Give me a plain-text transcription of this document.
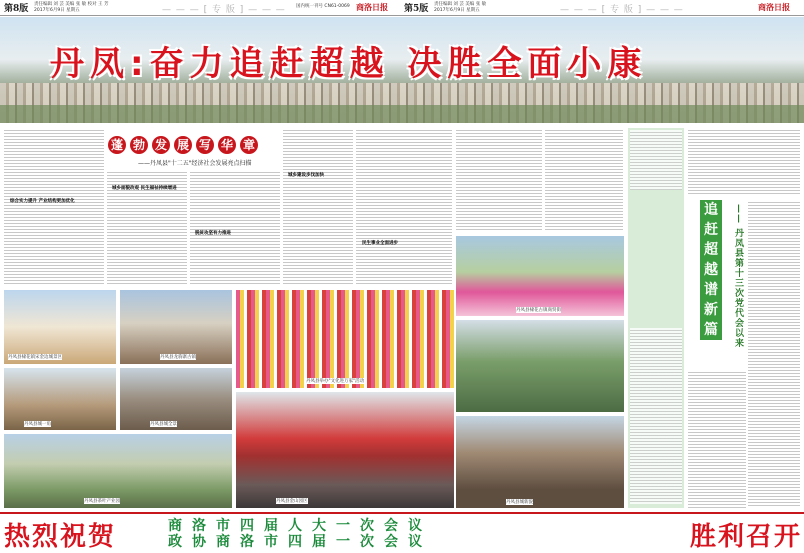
第8版 责任编辑 刘 芸 美编 张 敏 校对 王 芳
2017年6月9日 星期五	— — — [ 专 版 ] — — — 国内统一刊号 CN61-0069 商洛日报 第5版 责任编辑 刘 芸 美编 张 敏
2017年6月9日 星期五	— — — [ 专 版 ] — — —	商洛日报
丹凤:奋力追赶超越 决胜全面小康
综合实力提升 产业结构更加优化
城乡面貌改观 民生福祉持续增进
脱贫攻坚有力推进
城乡建设步伐加快
民生事业全面进步
蓬 勃 发 展 写 华 章
——丹凤县"十二五"经济社会发展亮点扫描
丹凤县棣花镇宋金边城景区	丹凤县龙驹寨古镇
丹凤县城一角	丹凤县城全景
丹凤县茶叶产业园
丹凤县举办"文化进万家"活动
丹凤县金山园区
丹凤县棣花古镇商贸街
丹凤县城新貌
追
赶
超
越
谱
新
篇	—— 丹凤县第十三次党代会以来
热烈祝贺	商洛市四届人大一次会议
政协商洛市四届一次会议	胜利召开
